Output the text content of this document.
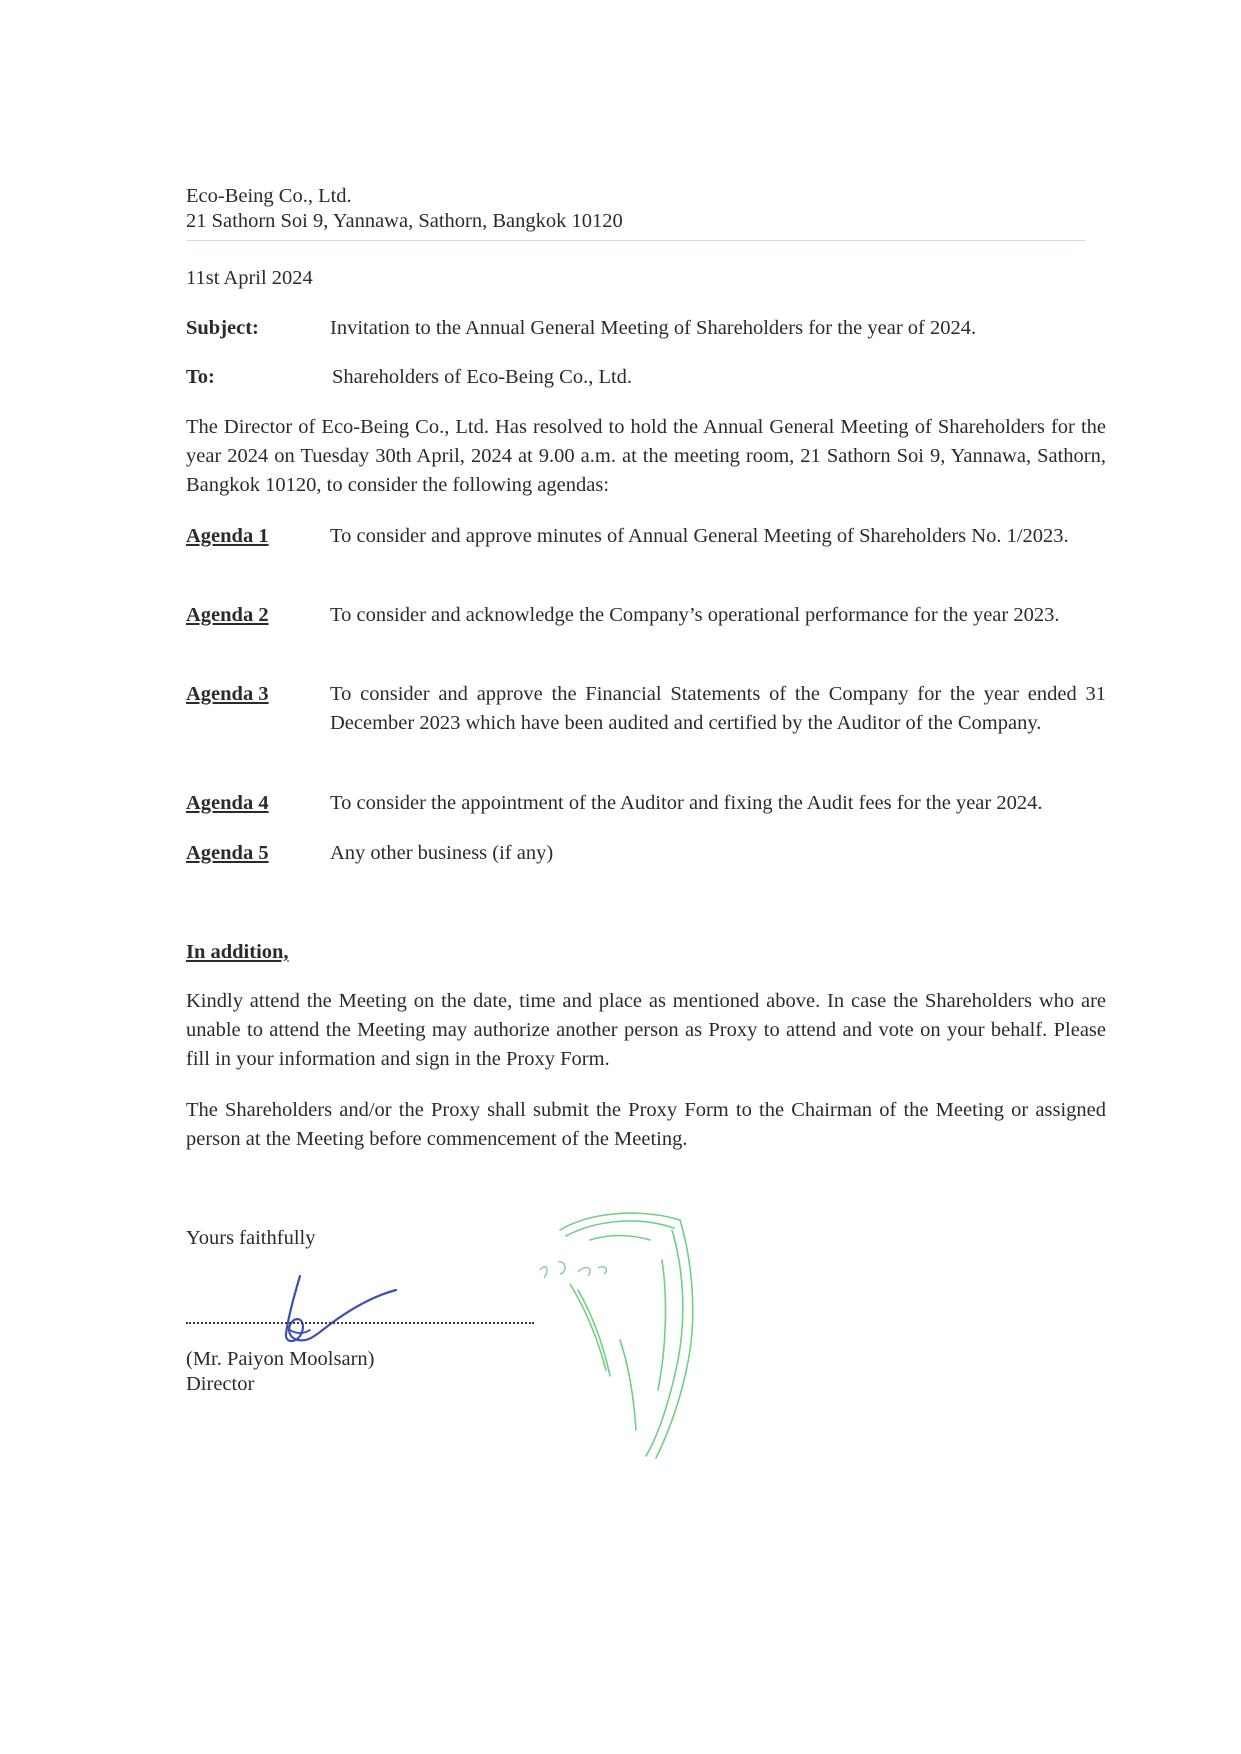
Eco-Being Co., Ltd.
21 Sathorn Soi 9, Yannawa, Sathorn, Bangkok 10120
11st April 2024
Subject:	Invitation to the Annual General Meeting of Shareholders for the year of 2024.
To:	Shareholders of Eco-Being Co., Ltd.
The Director of Eco-Being Co., Ltd. Has resolved to hold the Annual General Meeting of Shareholders for the year 2024 on Tuesday 30th April, 2024 at 9.00 a.m. at the meeting room, 21 Sathorn Soi 9, Yannawa, Sathorn, Bangkok 10120, to consider the following agendas:
Agenda 1	To consider and approve minutes of Annual General Meeting of Shareholders No. 1/2023.
Agenda 2	To consider and acknowledge the Company’s operational performance for the year 2023.
Agenda 3	To consider and approve the Financial Statements of the Company for the year ended 31 December 2023 which have been audited and certified by the Auditor of the Company.
Agenda 4	To consider the appointment of the Auditor and fixing the Audit fees for the year 2024.
Agenda 5	Any other business (if any)
In addition,
Kindly attend the Meeting on the date, time and place as mentioned above. In case the Shareholders who are unable to attend the Meeting may authorize another person as Proxy to attend and vote on your behalf. Please fill in your information and sign in the Proxy Form.
The Shareholders and/or the Proxy shall submit the Proxy Form to the Chairman of the Meeting or assigned person at the Meeting before commencement of the Meeting.
Yours faithfully
(Mr. Paiyon Moolsarn)
Director
